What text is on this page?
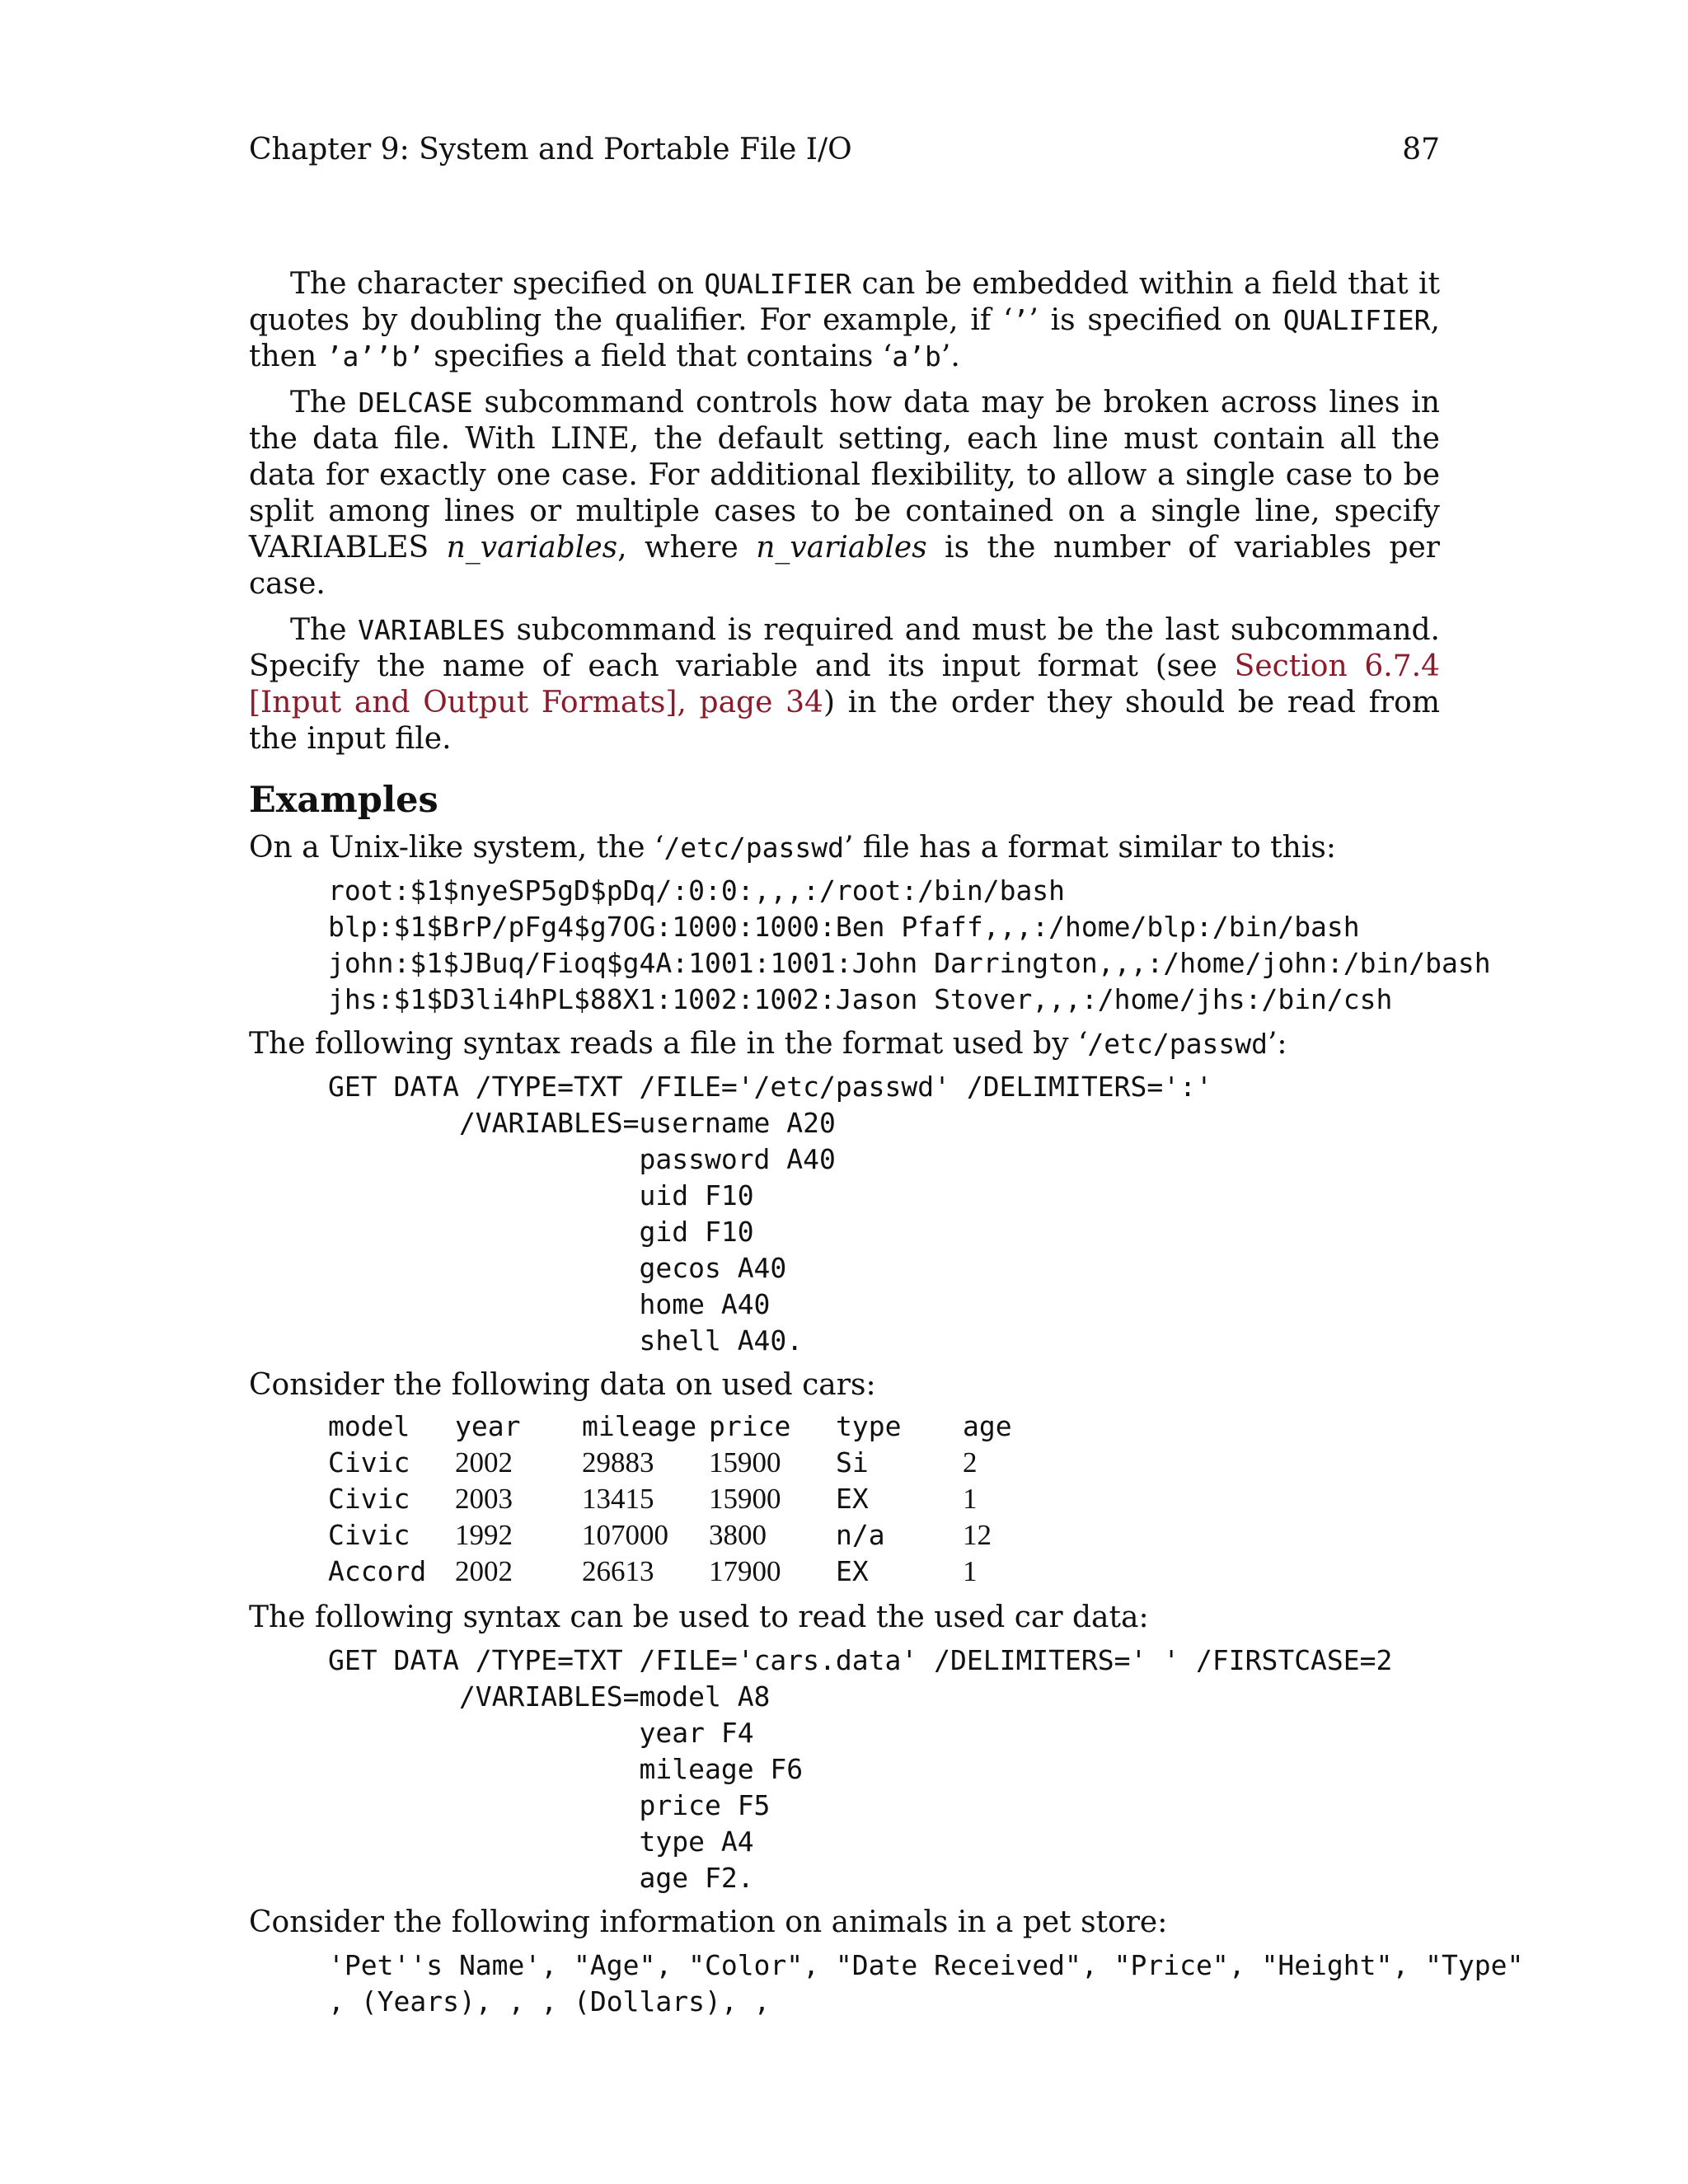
Chapter 9: System and Portable File I/O	87

The character specified on QUALIFIER can be embedded within a field that it quotes by doubling the qualifier. For example, if ‘’’ is specified on QUALIFIER, then ’a’’b’ specifies a field that contains ‘a’b’.

The DELCASE subcommand controls how data may be broken across lines in the data file. With LINE, the default setting, each line must contain all the data for exactly one case. For additional flexibility, to allow a single case to be split among lines or multiple cases to be contained on a single line, specify VARIABLES n_variables, where n_variables is the number of variables per case.

The VARIABLES subcommand is required and must be the last subcommand. Specify the name of each variable and its input format (see Section 6.7.4 [Input and Output Formats], page 34) in the order they should be read from the input file.

Examples

On a Unix-like system, the ‘/etc/passwd’ file has a format similar to this:

root:$1$nyeSP5gD$pDq/:0:0:,,,:/root:/bin/bash
blp:$1$BrP/pFg4$g7OG:1000:1000:Ben Pfaff,,,:/home/blp:/bin/bash
john:$1$JBuq/Fioq$g4A:1001:1001:John Darrington,,,:/home/john:/bin/bash
jhs:$1$D3li4hPL$88X1:1002:1002:Jason Stover,,,:/home/jhs:/bin/csh

The following syntax reads a file in the format used by ‘/etc/passwd’:

GET DATA /TYPE=TXT /FILE='/etc/passwd' /DELIMITERS=':'
/VARIABLES=username A20
password A40
uid F10
gid F10
gecos A40
home A40
shell A40.

Consider the following data on used cars:

model	year	mileage	price	type	age
Civic	2002	29883	15900	Si	2
Civic	2003	13415	15900	EX	1
Civic	1992	107000	3800	n/a	12
Accord	2002	26613	17900	EX	1

The following syntax can be used to read the used car data:

GET DATA /TYPE=TXT /FILE='cars.data' /DELIMITERS=' ' /FIRSTCASE=2
/VARIABLES=model A8
year F4
mileage F6
price F5
type A4
age F2.

Consider the following information on animals in a pet store:

'Pet''s Name', "Age", "Color", "Date Received", "Price", "Height", "Type"
, (Years), , , (Dollars), ,
